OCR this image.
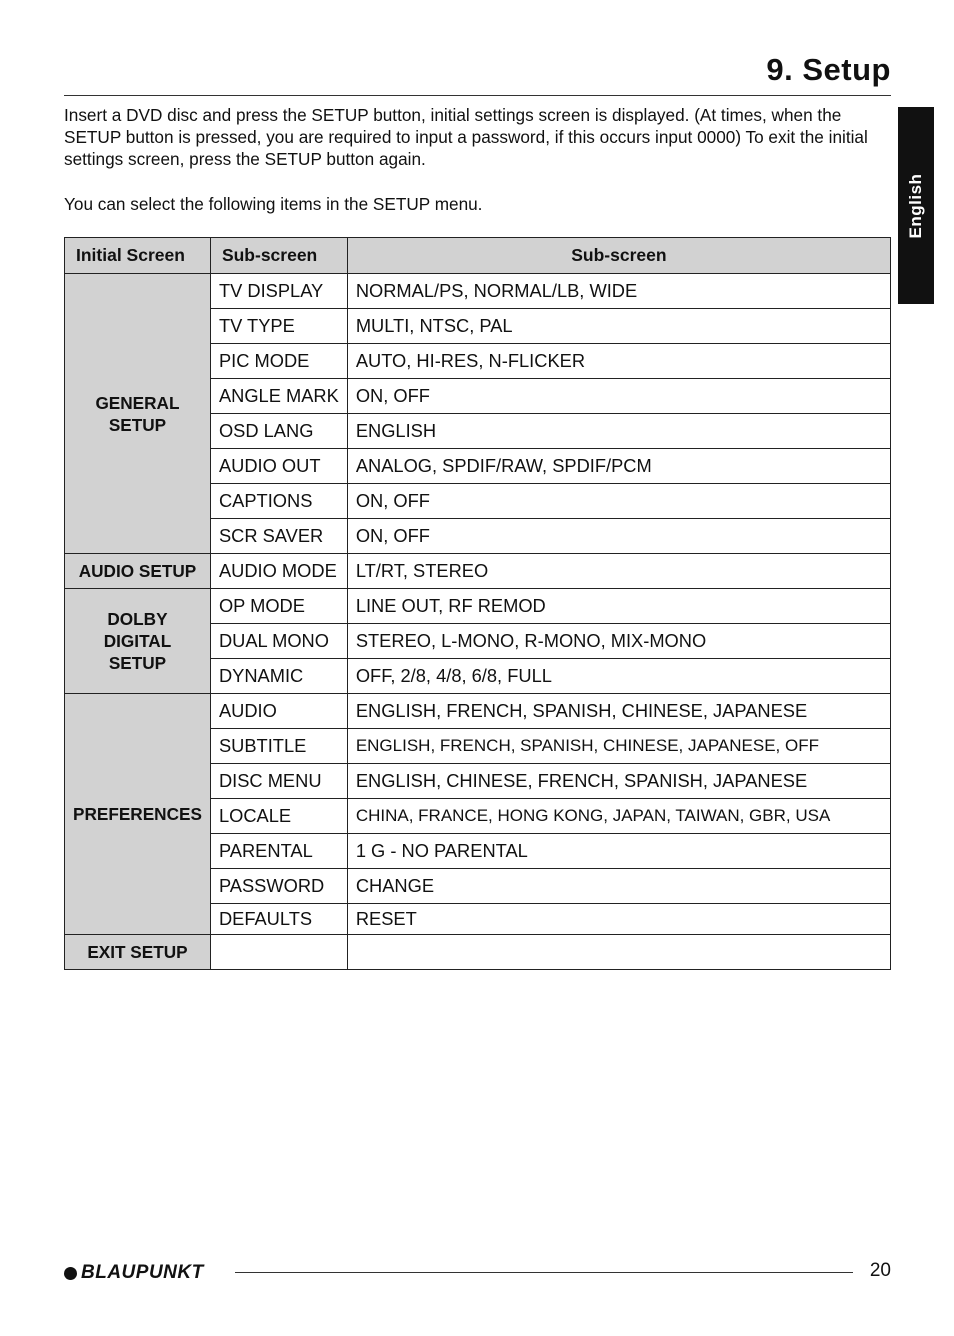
9. Setup
English

Insert a DVD disc and press the SETUP button, initial settings screen is displayed. (At times, when the SETUP button is pressed, you are required to input a password, if this occurs input 0000) To exit the initial settings screen, press the SETUP button again.

You can select the following items in the SETUP menu.

Initial Screen	Sub-screen	Sub-screen
GENERAL SETUP	TV DISPLAY	NORMAL/PS, NORMAL/LB, WIDE
	TV TYPE	MULTI, NTSC, PAL
	PIC MODE	AUTO, HI-RES, N-FLICKER
	ANGLE MARK	ON, OFF
	OSD LANG	ENGLISH
	AUDIO OUT	ANALOG, SPDIF/RAW, SPDIF/PCM
	CAPTIONS	ON, OFF
	SCR SAVER	ON, OFF
AUDIO SETUP	AUDIO MODE	LT/RT, STEREO
DOLBY DIGITAL SETUP	OP MODE	LINE OUT, RF REMOD
	DUAL MONO	STEREO, L-MONO, R-MONO, MIX-MONO
	DYNAMIC	OFF, 2/8, 4/8, 6/8, FULL
PREFERENCES	AUDIO	ENGLISH, FRENCH, SPANISH, CHINESE, JAPANESE
	SUBTITLE	ENGLISH, FRENCH, SPANISH, CHINESE, JAPANESE, OFF
	DISC MENU	ENGLISH, CHINESE, FRENCH, SPANISH, JAPANESE
	LOCALE	CHINA, FRANCE, HONG KONG, JAPAN, TAIWAN, GBR, USA
	PARENTAL	1 G - NO PARENTAL
	PASSWORD	CHANGE
	DEFAULTS	RESET
EXIT SETUP		
BLAUPUNKT	20
